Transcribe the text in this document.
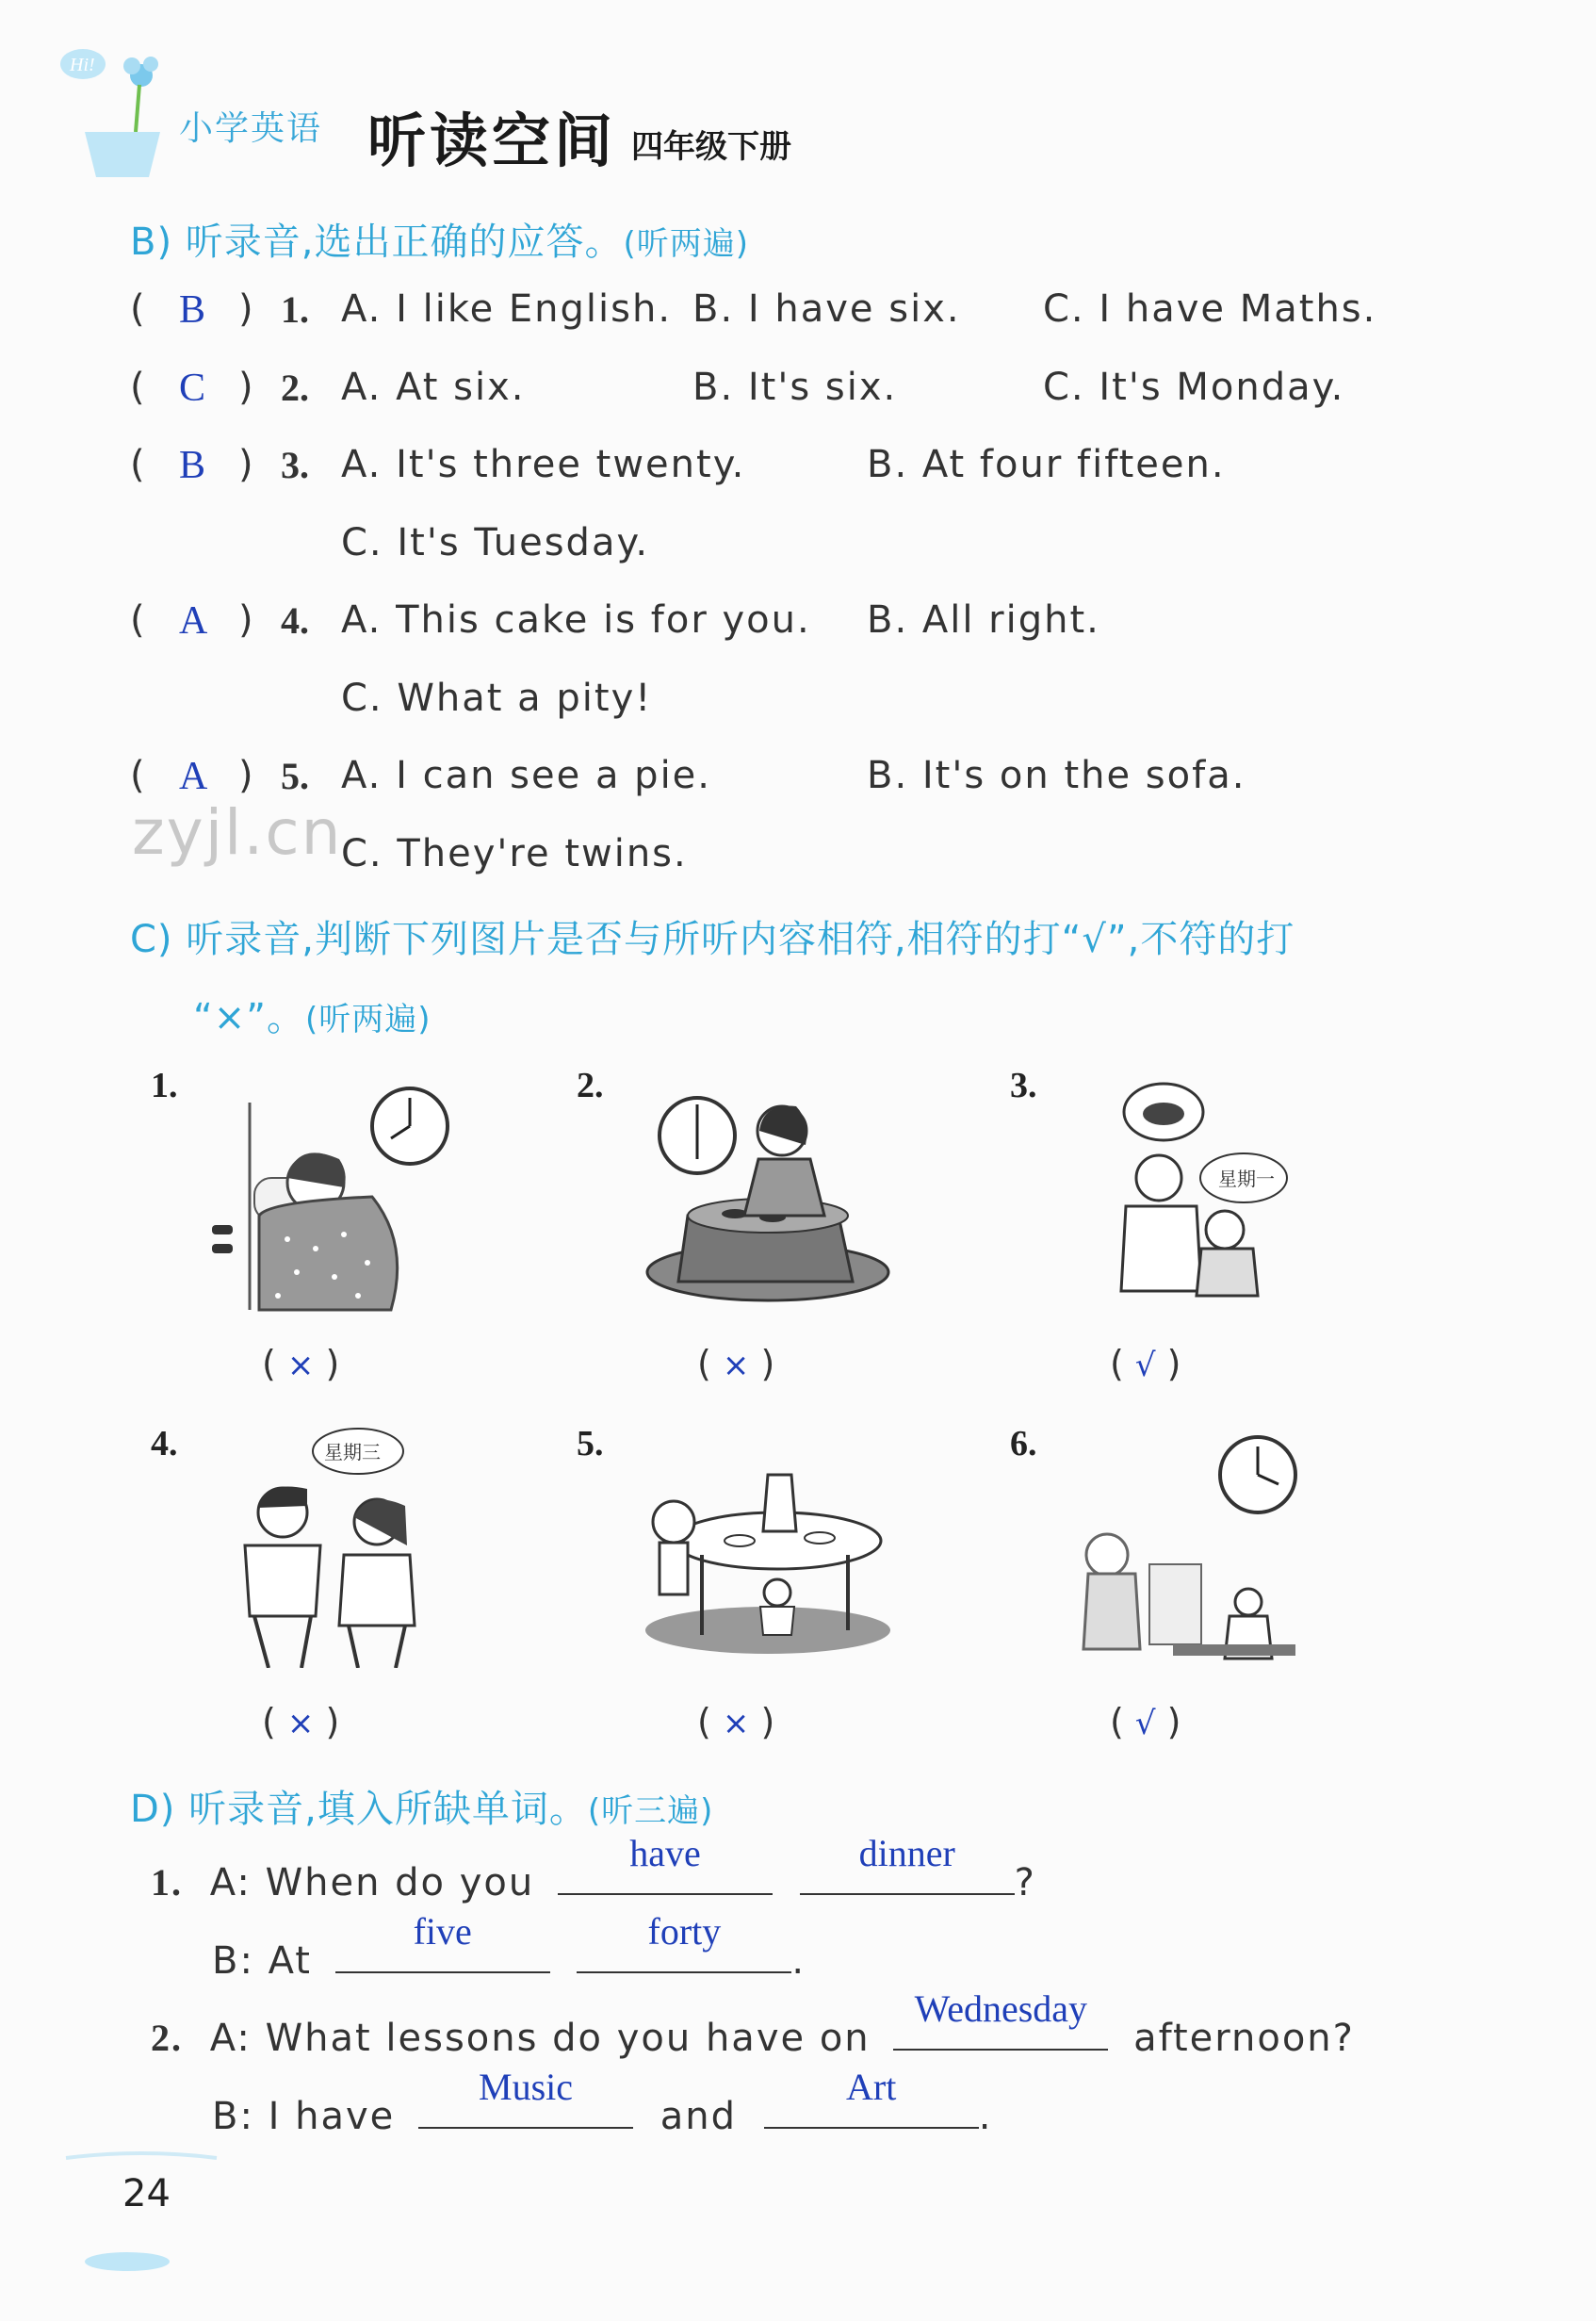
Hi!
小学英语 听读空间 四年级下册
B) 听录音,选出正确的应答。(听两遍)
( B ) 1. A. I like English. B. I have six. C. I have Maths.
( C ) 2. A. At six.	B. It's six.	C. It's Monday.
( B ) 3. A. It's three twenty.	B. At four fifteen.
C. It's Tuesday.
( A ) 4. A. This cake is for you. B. All right.
C. What a pity!
( A ) 5. A. I can see a pie.	B. It's on the sofa.
C. They're twins.
zyjl.cn
C) 听录音,判断下列图片是否与所听内容相符,相符的打“√”,不符的打
“×”。(听两遍)
1.
( × )
2.
( × )
3.
星期一
( √ )
4.	星期三
( × )
5.
( × )
6.
( √ )
D) 听录音,填入所缺单词。(听三遍)
1. A: When do you
have
	dinner
?
B: At
five
	forty
.
2. A: What lessons do you have on
Wednesday
afternoon?
B: I have
Music
and
Art
.
24
